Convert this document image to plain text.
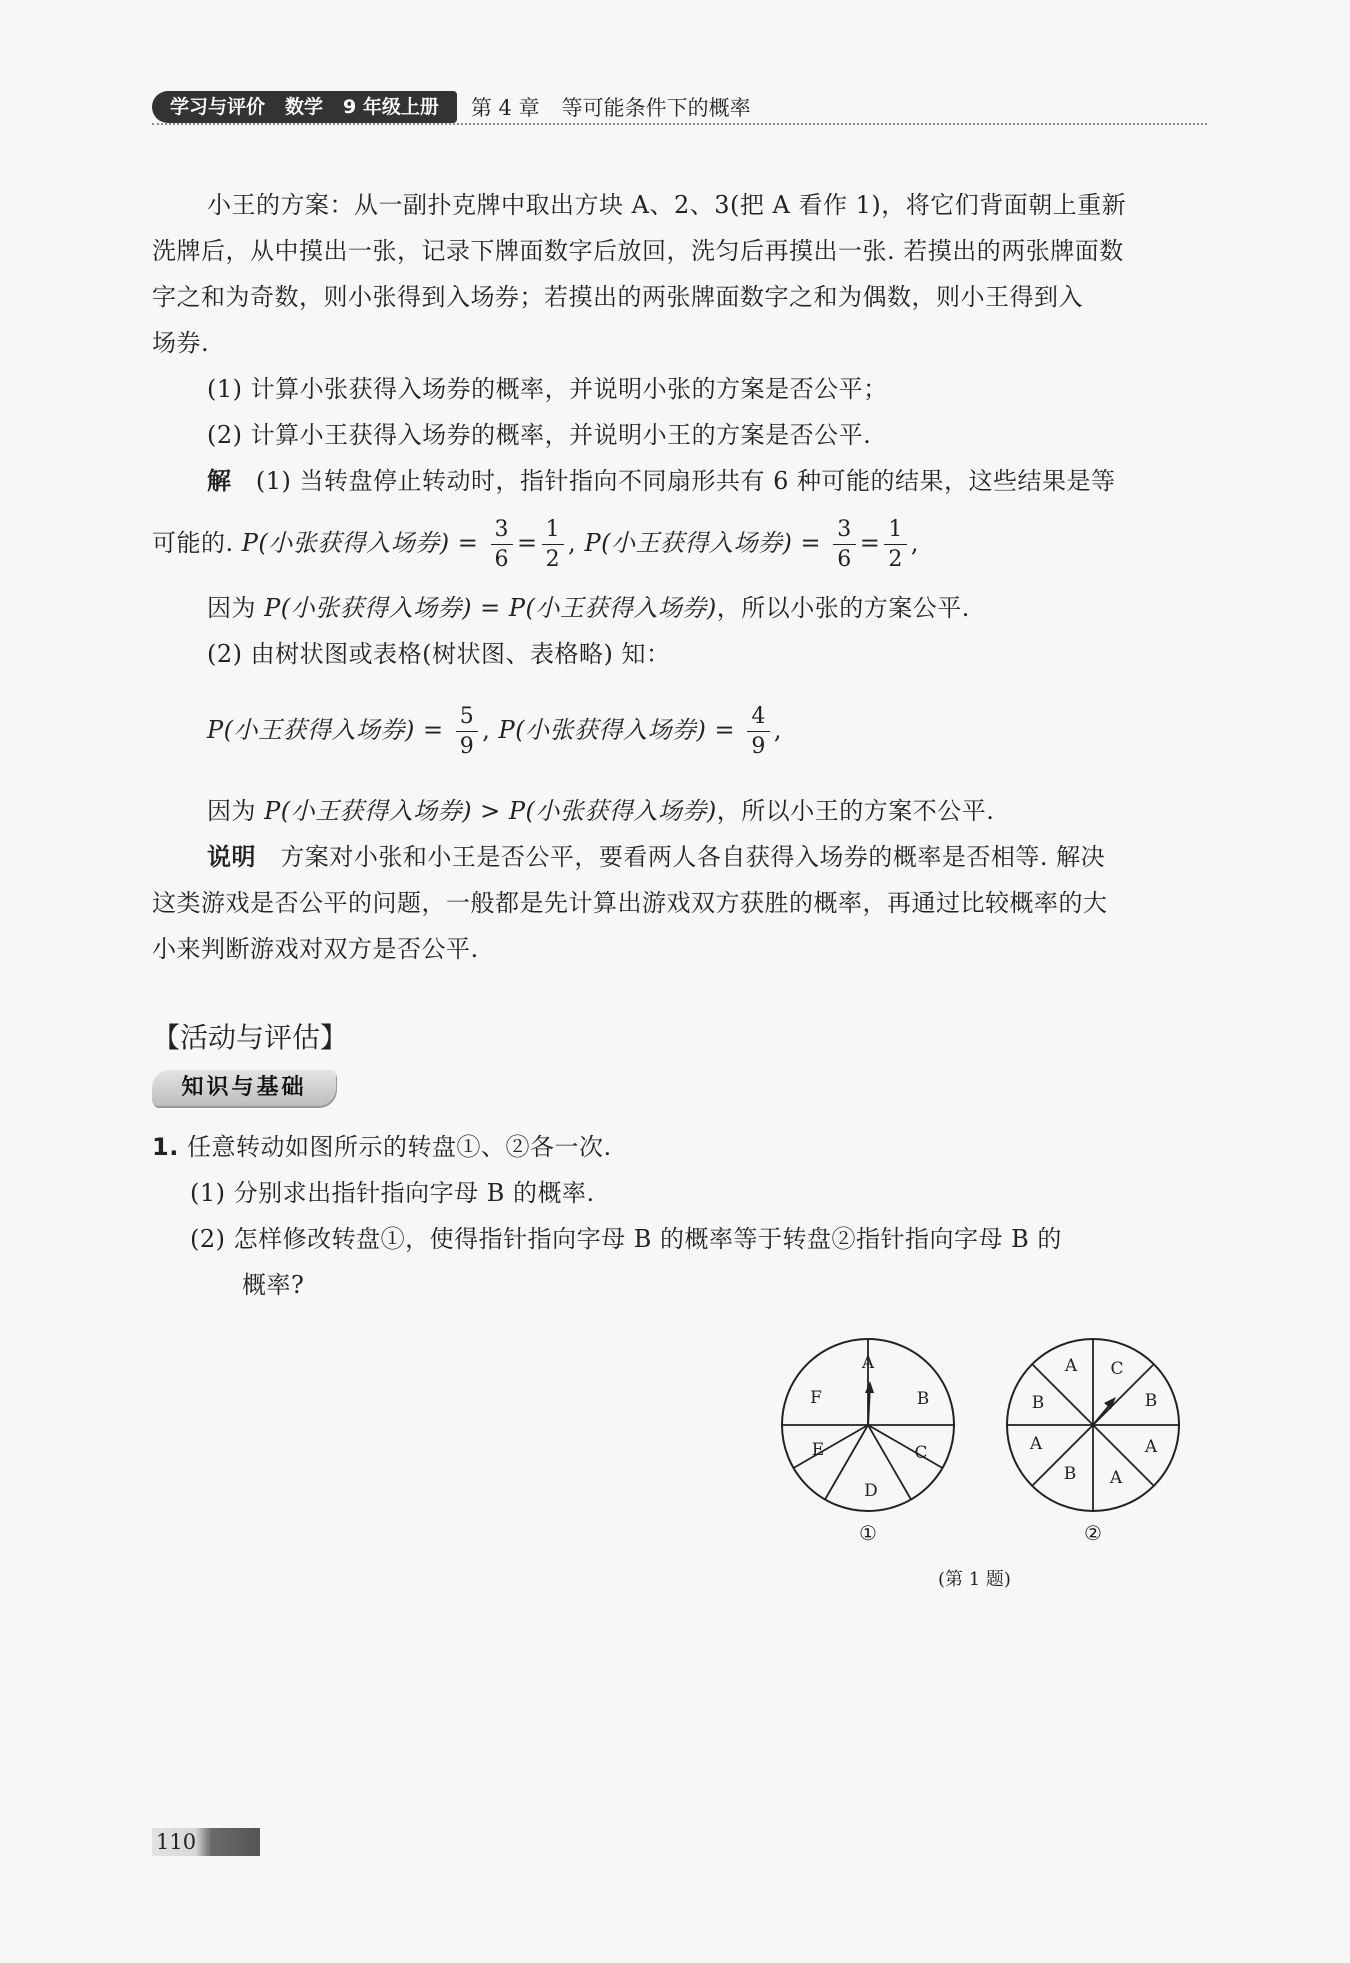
学习与评价 数学 9 年级上册	第 4 章 等可能条件下的概率
小王的方案：从一副扑克牌中取出方块 A、2、3(把 A 看作 1)，将它们背面朝上重新
洗牌后，从中摸出一张，记录下牌面数字后放回，洗匀后再摸出一张. 若摸出的两张牌面数
字之和为奇数，则小张得到入场券；若摸出的两张牌面数字之和为偶数，则小王得到入
场券.
(1) 计算小张获得入场券的概率，并说明小张的方案是否公平；
(2) 计算小王获得入场券的概率，并说明小王的方案是否公平.
解 (1) 当转盘停止转动时，指针指向不同扇形共有 6 种可能的结果，这些结果是等
可能的. P(小张获得入场券) = $\frac{3}{6} = \frac{1}{2}$ , P(小王获得入场券) = $\frac{3}{6} = \frac{1}{2}$ ,
因为 P(小张获得入场券) = P(小王获得入场券)，所以小张的方案公平.
(2) 由树状图或表格(树状图、表格略) 知：
P(小王获得入场券) = $\frac{5}{9}$ , P(小张获得入场券) = $\frac{4}{9}$ ,
因为 P(小王获得入场券) > P(小张获得入场券)，所以小王的方案不公平.
说明 方案对小张和小王是否公平，要看两人各自获得入场券的概率是否相等. 解决
这类游戏是否公平的问题，一般都是先计算出游戏双方获胜的概率，再通过比较概率的大
小来判断游戏对双方是否公平.
【活动与评估】
知识与基础
1. 任意转动如图所示的转盘①、②各一次.
(1) 分别求出指针指向字母 B 的概率.
(2) 怎样修改转盘①，使得指针指向字母 B 的概率等于转盘②指针指向字母 B 的
概率?
A
B
C
D
E
F
C
B
A
A
B
A
B
A
①	②
(第 1 题)
110
